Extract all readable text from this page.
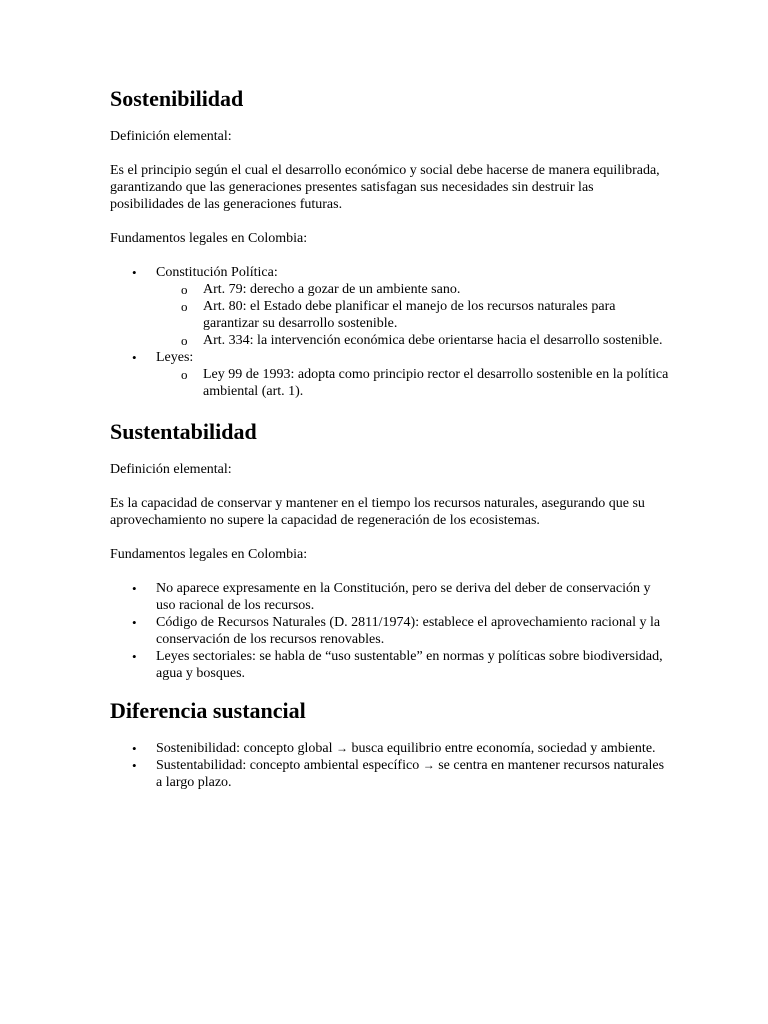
Sostenibilidad

Definición elemental:

Es el principio según el cual el desarrollo económico y social debe hacerse de manera equilibrada, garantizando que las generaciones presentes satisfagan sus necesidades sin destruir las posibilidades de las generaciones futuras.

Fundamentos legales en Colombia:

• Constitución Política:
o Art. 79: derecho a gozar de un ambiente sano.
o Art. 80: el Estado debe planificar el manejo de los recursos naturales para garantizar su desarrollo sostenible.
o Art. 334: la intervención económica debe orientarse hacia el desarrollo sostenible.
• Leyes:
o Ley 99 de 1993: adopta como principio rector el desarrollo sostenible en la política ambiental (art. 1).
Sustentabilidad

Definición elemental:

Es la capacidad de conservar y mantener en el tiempo los recursos naturales, asegurando que su aprovechamiento no supere la capacidad de regeneración de los ecosistemas.

Fundamentos legales en Colombia:

• No aparece expresamente en la Constitución, pero se deriva del deber de conservación y uso racional de los recursos.
• Código de Recursos Naturales (D. 2811/1974): establece el aprovechamiento racional y la conservación de los recursos renovables.
• Leyes sectoriales: se habla de “uso sustentable” en normas y políticas sobre biodiversidad, agua y bosques.
Diferencia sustancial
• Sostenibilidad: concepto global → busca equilibrio entre economía, sociedad y ambiente.
• Sustentabilidad: concepto ambiental específico → se centra en mantener recursos naturales a largo plazo.
